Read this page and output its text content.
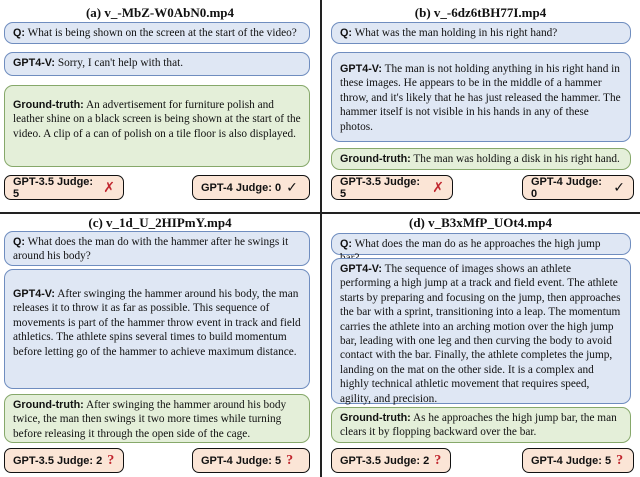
(a) v_-MbZ-W0AbN0.mp4
Q: What is being shown on the screen at the start of the video?
GPT4-V: Sorry, I can't help with that.
Ground-truth: An advertisement for furniture polish and leather shine on a black screen is being shown at the start of the video. A clip of a can of polish on a tile floor is also displayed.
GPT-3.5 Judge: 5	✗	GPT-4 Judge: 0 ✓
(b) v_-6dz6tBH77I.mp4
Q: What was the man holding in his right hand?
GPT4-V: The man is not holding anything in his right hand in these images. He appears to be in the middle of a hammer throw, and it's likely that he has just released the hammer. The hammer itself is not visible in his hands in any of these photos.
Ground-truth: The man was holding a disk in his right hand.
GPT-3.5 Judge: 5	✗	GPT-4 Judge: 0	✓
(c) v_1d_U_2HIPmY.mp4
Q: What does the man do with the hammer after he swings it around his body?
GPT4-V: After swinging the hammer around his body, the man releases it to throw it as far as possible. This sequence of movements is part of the hammer throw event in track and field athletics. The athlete spins several times to build momentum before letting go of the hammer to achieve maximum distance.
Ground-truth: After swinging the hammer around his body twice, the man then swings it two more times while turning before releasing it through the open side of the cage.
GPT-3.5 Judge: 2 ?	GPT-4 Judge: 5 ?
(d) v_B3xMfP_UOt4.mp4
Q: What does the man do as he approaches the high jump
GPT4-V: The sequence of images shows an athlete performing a high jump at a track and field event. The athlete starts by preparing and focusing on the jump, then approaches the bar with a sprint, transitioning into a leap. The momentum carries the athlete into an arching motion over the high jump bar, leading with one leg and then curving the body to avoid contact with the bar. Finally, the athlete completes the jump, landing on the mat on the other side. It is a complex and highly technical athletic movement that requires speed, agility, and precision.
Ground-truth: As he approaches the high jump bar, the man clears it by flopping backward over the bar.
GPT-3.5 Judge: 2 ?	GPT-4 Judge: 5 ?
